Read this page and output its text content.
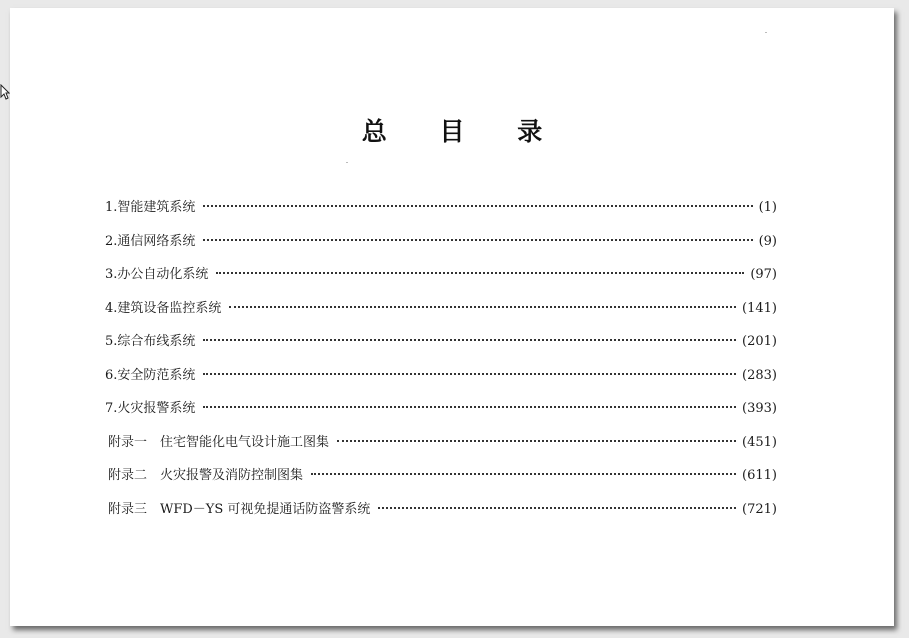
总 目 录
1.智能建筑系统	(1)
2.通信网络系统	(9)
3.办公自动化系统	(97)
4.建筑设备监控系统	(141)
5.综合布线系统	(201)
6.安全防范系统	(283)
7.火灾报警系统	(393)
附录一　住宅智能化电气设计施工图集	(451)
附录二　火灾报警及消防控制图集	(611)
附录三　WFD－YS 可视免提通话防盗警系统	(721)
